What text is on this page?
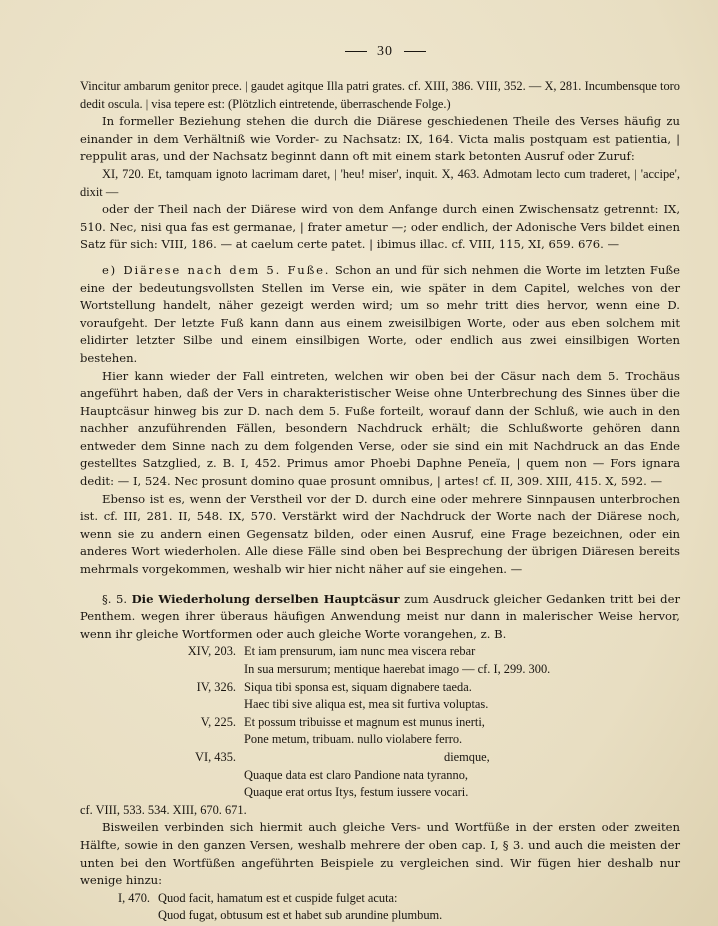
30

Vincitur ambarum genitor prece. | gaudet agitque Illa patri grates. cf. XIII, 386. VIII, 352. — X, 281. Incumbensque toro dedit oscula. | visa tepere est: (Plötzlich eintretende, überraschende Folge.)

In formeller Beziehung stehen die durch die Diärese geschiedenen Theile des Verses häufig zu einander in dem Verhältniß wie Vorder- zu Nachsatz: IX, 164. Victa malis postquam est patientia, | reppulit aras, und der Nachsatz beginnt dann oft mit einem stark betonten Ausruf oder Zuruf:

XI, 720. Et, tamquam ignoto lacrimam daret, | 'heu! miser', inquit. X, 463. Admotam lecto cum traderet, | 'accipe', dixit —

oder der Theil nach der Diärese wird von dem Anfange durch einen Zwischensatz getrennt: IX, 510. Nec, nisi qua fas est germanae, | frater ametur —; oder endlich, der Adonische Vers bildet einen Satz für sich: VIII, 186. — at caelum certe patet. | ibimus illac. cf. VIII, 115, XI, 659. 676. —

e) Diärese nach dem 5. Fuße. Schon an und für sich nehmen die Worte im letzten Fuße eine der bedeutungsvollsten Stellen im Verse ein, wie später in dem Capitel, welches von der Wortstellung handelt, näher gezeigt werden wird; um so mehr tritt dies hervor, wenn eine D. voraufgeht. Der letzte Fuß kann dann aus einem zweisilbigen Worte, oder aus eben solchem mit elidirter letzter Silbe und einem einsilbigen Worte, oder endlich aus zwei einsilbigen Worten bestehen.

Hier kann wieder der Fall eintreten, welchen wir oben bei der Cäsur nach dem 5. Trochäus angeführt haben, daß der Vers in charakteristischer Weise ohne Unterbrechung des Sinnes über die Hauptcäsur hinweg bis zur D. nach dem 5. Fuße forteilt, worauf dann der Schluß, wie auch in den nachher anzuführenden Fällen, besondern Nachdruck erhält; die Schlußworte gehören dann entweder dem Sinne nach zu dem folgenden Verse, oder sie sind ein mit Nachdruck an das Ende gestelltes Satzglied, z. B. I, 452. Primus amor Phoebi Daphne Peneïa, | quem non — Fors ignara dedit: — I, 524. Nec prosunt domino quae prosunt omnibus, | artes! cf. II, 309. XIII, 415. X, 592. —

Ebenso ist es, wenn der Verstheil vor der D. durch eine oder mehrere Sinnpausen unterbrochen ist. cf. III, 281. II, 548. IX, 570. Verstärkt wird der Nachdruck der Worte nach der Diärese noch, wenn sie zu andern einen Gegensatz bilden, oder einen Ausruf, eine Frage bezeichnen, oder ein anderes Wort wiederholen. Alle diese Fälle sind oben bei Besprechung der übrigen Diäresen bereits mehrmals vorgekommen, weshalb wir hier nicht näher auf sie eingehen. —

§. 5. Die Wiederholung derselben Hauptcäsur zum Ausdruck gleicher Gedanken tritt bei der Penthem. wegen ihrer überaus häufigen Anwendung meist nur dann in malerischer Weise hervor, wenn ihr gleiche Wortformen oder auch gleiche Worte vorangehen, z. B.

XIV, 203.	Et iam prensurum, iam nunc mea viscera rebar
	In sua mersurum; mentique haerebat imago — cf. I, 299. 300.
IV, 326.	Siqua tibi sponsa est, siquam dignabere taeda.
	Haec tibi sive aliqua est, mea sit furtiva voluptas.
V, 225.	Et possum tribuisse et magnum est munus inerti,
	Pone metum, tribuam. nullo violabere ferro.
VI, 435.	diemque,
	Quaque data est claro Pandione nata tyranno,
	Quaque erat ortus Itys, festum iussere vocari.

cf. VIII, 533. 534. XIII, 670. 671.

Bisweilen verbinden sich hiermit auch gleiche Vers- und Wortfüße in der ersten oder zweiten Hälfte, sowie in den ganzen Versen, weshalb mehrere der oben cap. I, § 3. und auch die meisten der unten bei den Wortfüßen angeführten Beispiele zu vergleichen sind. Wir fügen hier deshalb nur wenige hinzu:

I, 470.	Quod facit, hamatum est et cuspide fulget acuta:
	Quod fugat, obtusum est et habet sub arundine plumbum.
